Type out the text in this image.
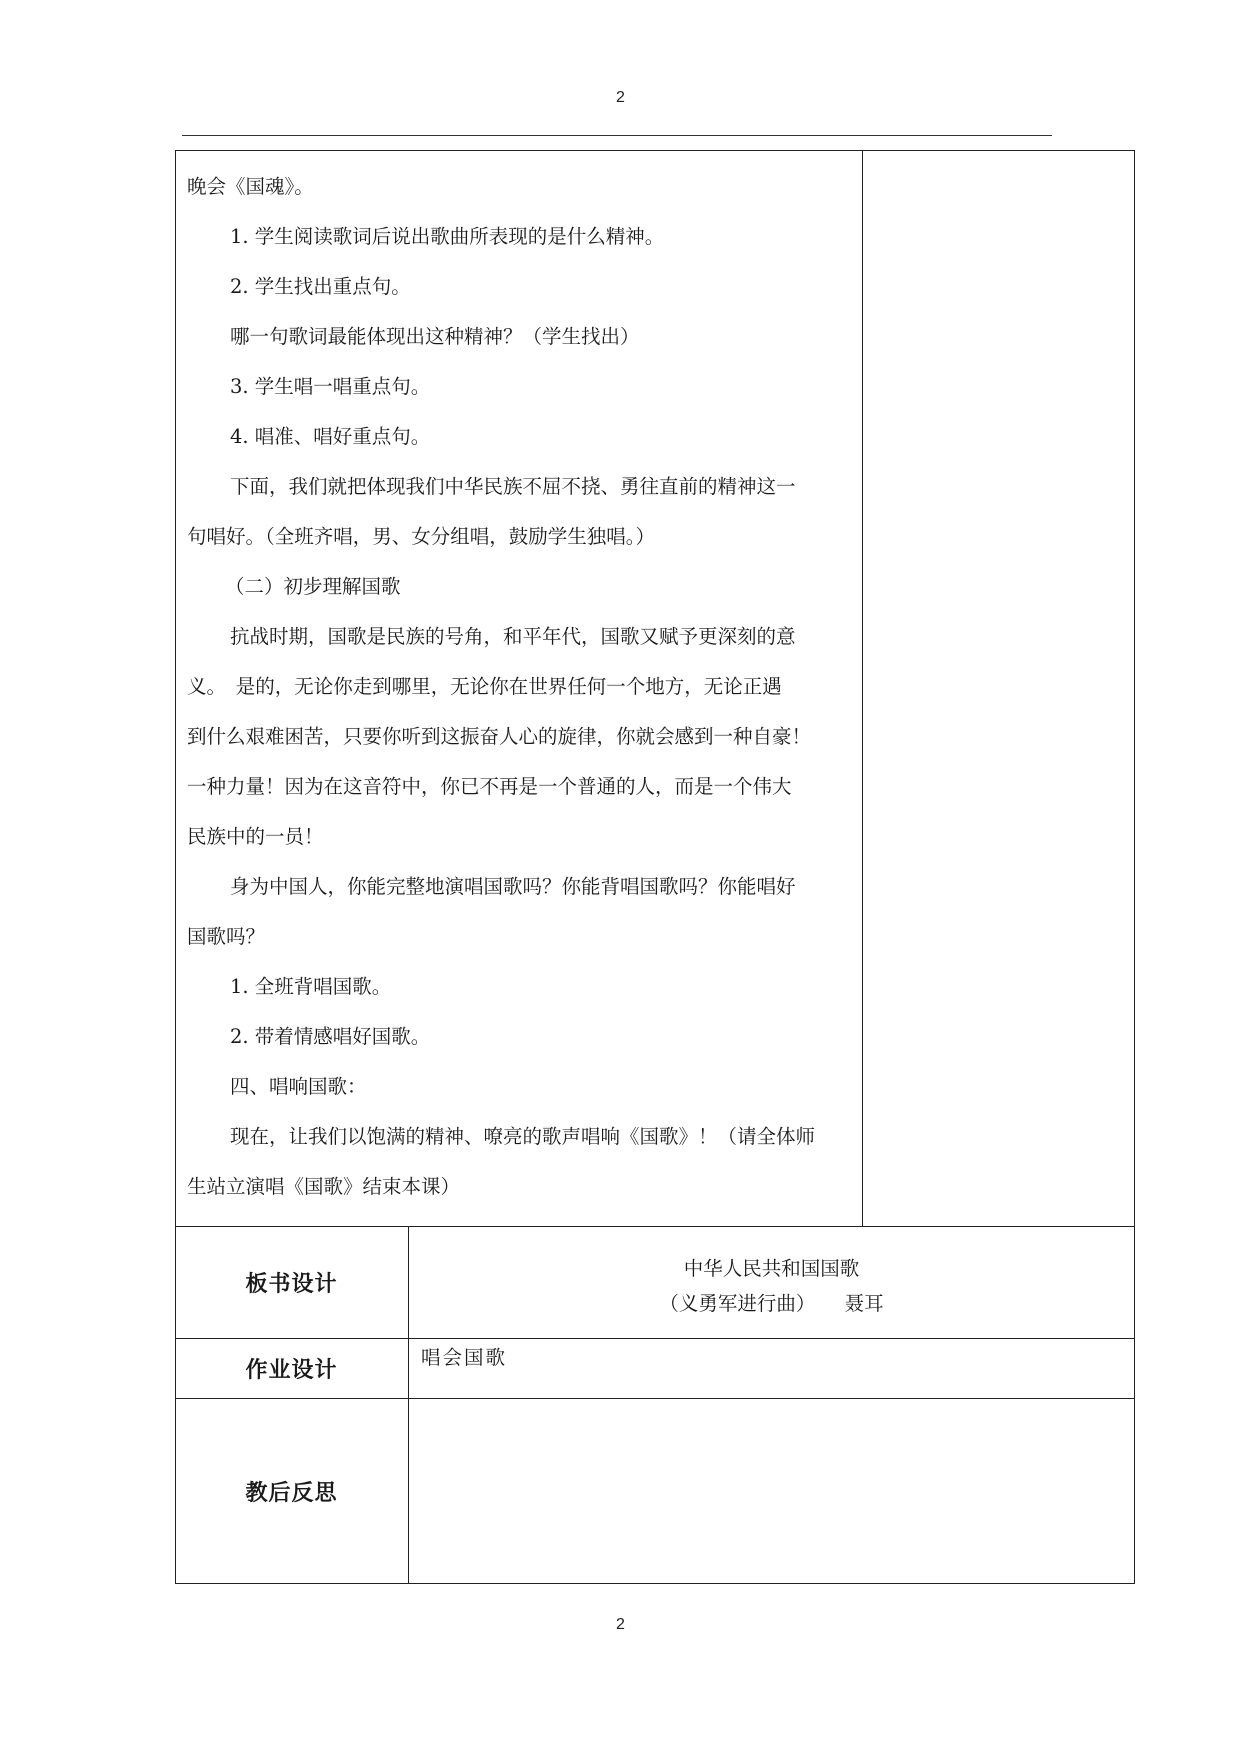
2

晚会《国魂》。

1. 学生阅读歌词后说出歌曲所表现的是什么精神。

2. 学生找出重点句。

哪一句歌词最能体现出这种精神？（学生找出）

3. 学生唱一唱重点句。

4. 唱准、唱好重点句。

下面，我们就把体现我们中华民族不屈不挠、勇往直前的精神这一

句唱好。（全班齐唱，男、女分组唱，鼓励学生独唱。）

（二）初步理解国歌

抗战时期，国歌是民族的号角，和平年代，国歌又赋予更深刻的意

义。　是的，无论你走到哪里，无论你在世界任何一个地方，无论正遇

到什么艰难困苦，只要你听到这振奋人心的旋律，你就会感到一种自豪！

一种力量！因为在这音符中，你已不再是一个普通的人，而是一个伟大

民族中的一员！

身为中国人，你能完整地演唱国歌吗？你能背唱国歌吗？你能唱好

国歌吗？

1. 全班背唱国歌。

2. 带着情感唱好国歌。

四、唱响国歌：

现在，让我们以饱满的精神、嘹亮的歌声唱响《国歌》！（请全体师

生站立演唱《国歌》结束本课）

板书设计
中华人民共和国国歌
（义勇军进行曲）　　聂耳
作业设计
唱会国歌
教后反思
2
